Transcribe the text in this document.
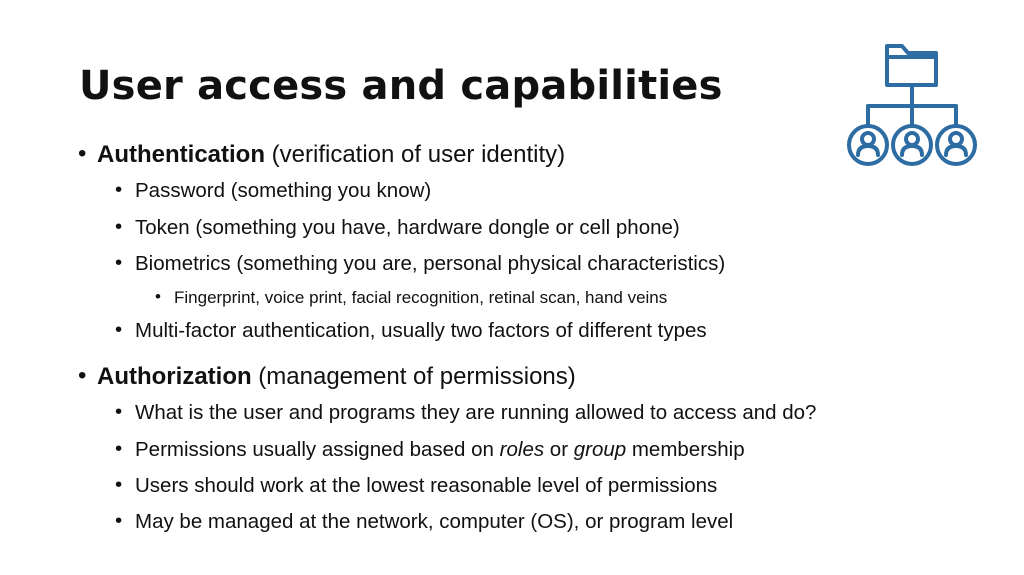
User access and capabilities
• Authentication (verification of user identity)
• Password (something you know)
• Token (something you have, hardware dongle or cell phone)
• Biometrics (something you are, personal physical characteristics)
• Fingerprint, voice print, facial recognition, retinal scan, hand veins
• Multi-factor authentication, usually two factors of different types
• Authorization (management of permissions)
• What is the user and programs they are running allowed to access and do?
• Permissions usually assigned based on roles or group membership
• Users should work at the lowest reasonable level of permissions
• May be managed at the network, computer (OS), or program level
